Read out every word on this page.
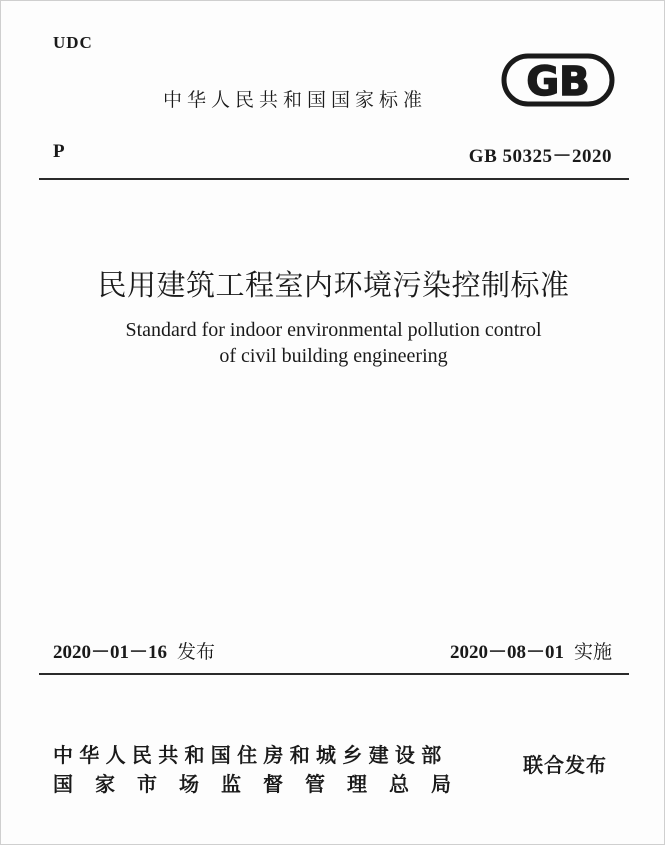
UDC
中华人民共和国国家标准 GB
P	GB 50325－2020
民用建筑工程室内环境污染控制标准
Standard for indoor environmental pollution control
of civil building engineering
2020－01－16 发布	2020－08－01 实施
中华人民共和国住房和城乡建设部
国家市场监督管理总局
联合发布
